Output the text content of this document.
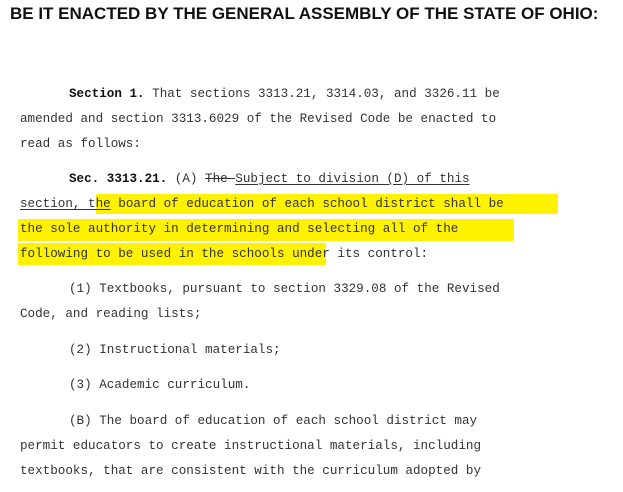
BE IT ENACTED BY THE GENERAL ASSEMBLY OF THE STATE OF OHIO:
Section 1. That sections 3313.21, 3314.03, and 3326.11 be
amended and section 3313.6029 of the Revised Code be enacted to
read as follows:
Sec. 3313.21. (A) The Subject to division (D) of this
section, the board of education of each school district shall be
the sole authority in determining and selecting all of the
following to be used in the schools under its control:
(1) Textbooks, pursuant to section 3329.08 of the Revised
Code, and reading lists;
(2) Instructional materials;
(3) Academic curriculum.
(B) The board of education of each school district may
permit educators to create instructional materials, including
textbooks, that are consistent with the curriculum adopted by
